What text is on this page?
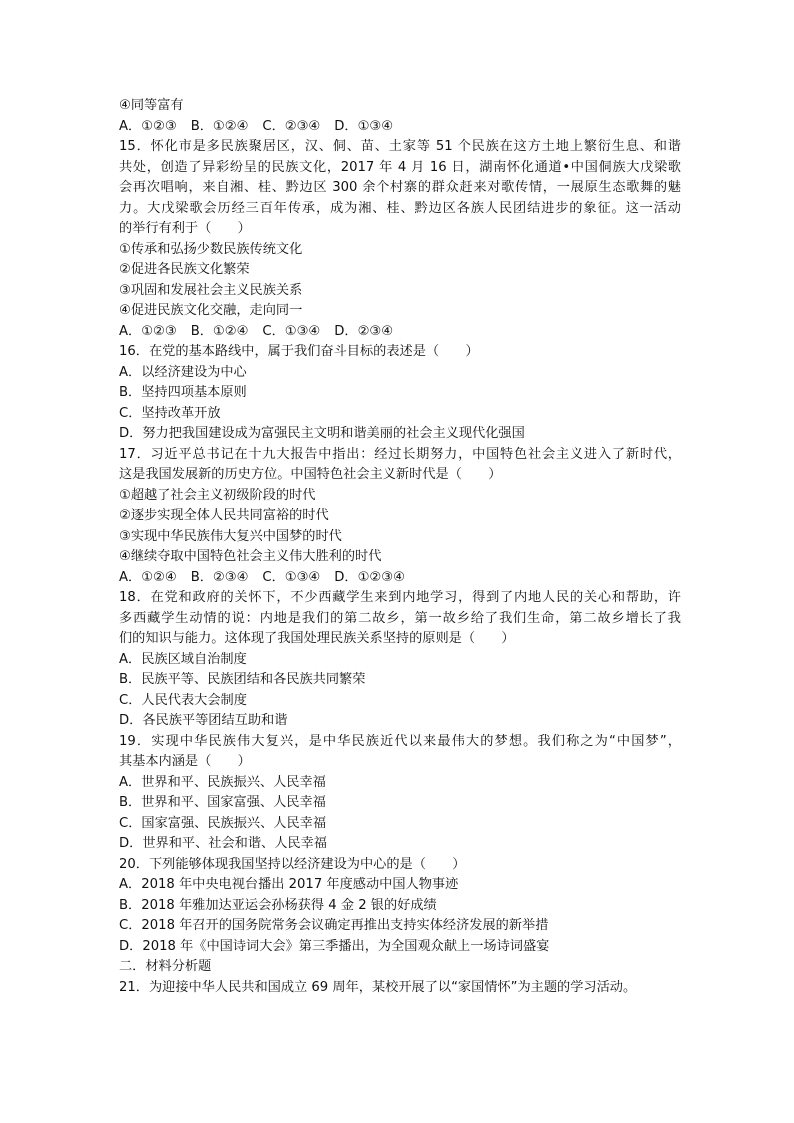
④同等富有
A．①②③ B．①②④ C．②③④ D．①③④
15．怀化市是多民族聚居区，汉、侗、苗、土家等 51 个民族在这方土地上繁衍生息、和谐
共处，创造了异彩纷呈的民族文化，2017 年 4 月 16 日，湖南怀化通道•中国侗族大戊梁歌
会再次唱响，来自湘、桂、黔边区 300 余个村寨的群众赶来对歌传情，一展原生态歌舞的魅
力。大戊梁歌会历经三百年传承，成为湘、桂、黔边区各族人民团结进步的象征。这一活动
的举行有利于（　　）
①传承和弘扬少数民族传统文化
②促进各民族文化繁荣
③巩固和发展社会主义民族关系
④促进民族文化交融，走向同一
A．①②③ B．①②④ C．①③④ D．②③④
16．在党的基本路线中，属于我们奋斗目标的表述是（　　）
A．以经济建设为中心
B．坚持四项基本原则
C．坚持改革开放
D．努力把我国建设成为富强民主文明和谐美丽的社会主义现代化强国
17．习近平总书记在十九大报告中指出：经过长期努力，中国特色社会主义进入了新时代，
这是我国发展新的历史方位。中国特色社会主义新时代是（　　）
①超越了社会主义初级阶段的时代
②逐步实现全体人民共同富裕的时代
③实现中华民族伟大复兴中国梦的时代
④继续夺取中国特色社会主义伟大胜利的时代
A．①②④ B．②③④ C．①③④ D．①②③④
18．在党和政府的关怀下，不少西藏学生来到内地学习，得到了内地人民的关心和帮助，许
多西藏学生动情的说：内地是我们的第二故乡，第一故乡给了我们生命，第二故乡增长了我
们的知识与能力。这体现了我国处理民族关系坚持的原则是（　　）
A．民族区域自治制度
B．民族平等、民族团结和各民族共同繁荣
C．人民代表大会制度
D．各民族平等团结互助和谐
19．实现中华民族伟大复兴，是中华民族近代以来最伟大的梦想。我们称之为“中国梦”，
其基本内涵是（　　）
A．世界和平、民族振兴、人民幸福
B．世界和平、国家富强、人民幸福
C．国家富强、民族振兴、人民幸福
D．世界和平、社会和谐、人民幸福
20．下列能够体现我国坚持以经济建设为中心的是（　　）
A．2018 年中央电视台播出 2017 年度感动中国人物事迹
B．2018 年雅加达亚运会孙杨获得 4 金 2 银的好成绩
C．2018 年召开的国务院常务会议确定再推出支持实体经济发展的新举措
D．2018 年《中国诗词大会》第三季播出，为全国观众献上一场诗词盛宴
二．材料分析题
21．为迎接中华人民共和国成立 69 周年，某校开展了以“家国情怀”为主题的学习活动。
